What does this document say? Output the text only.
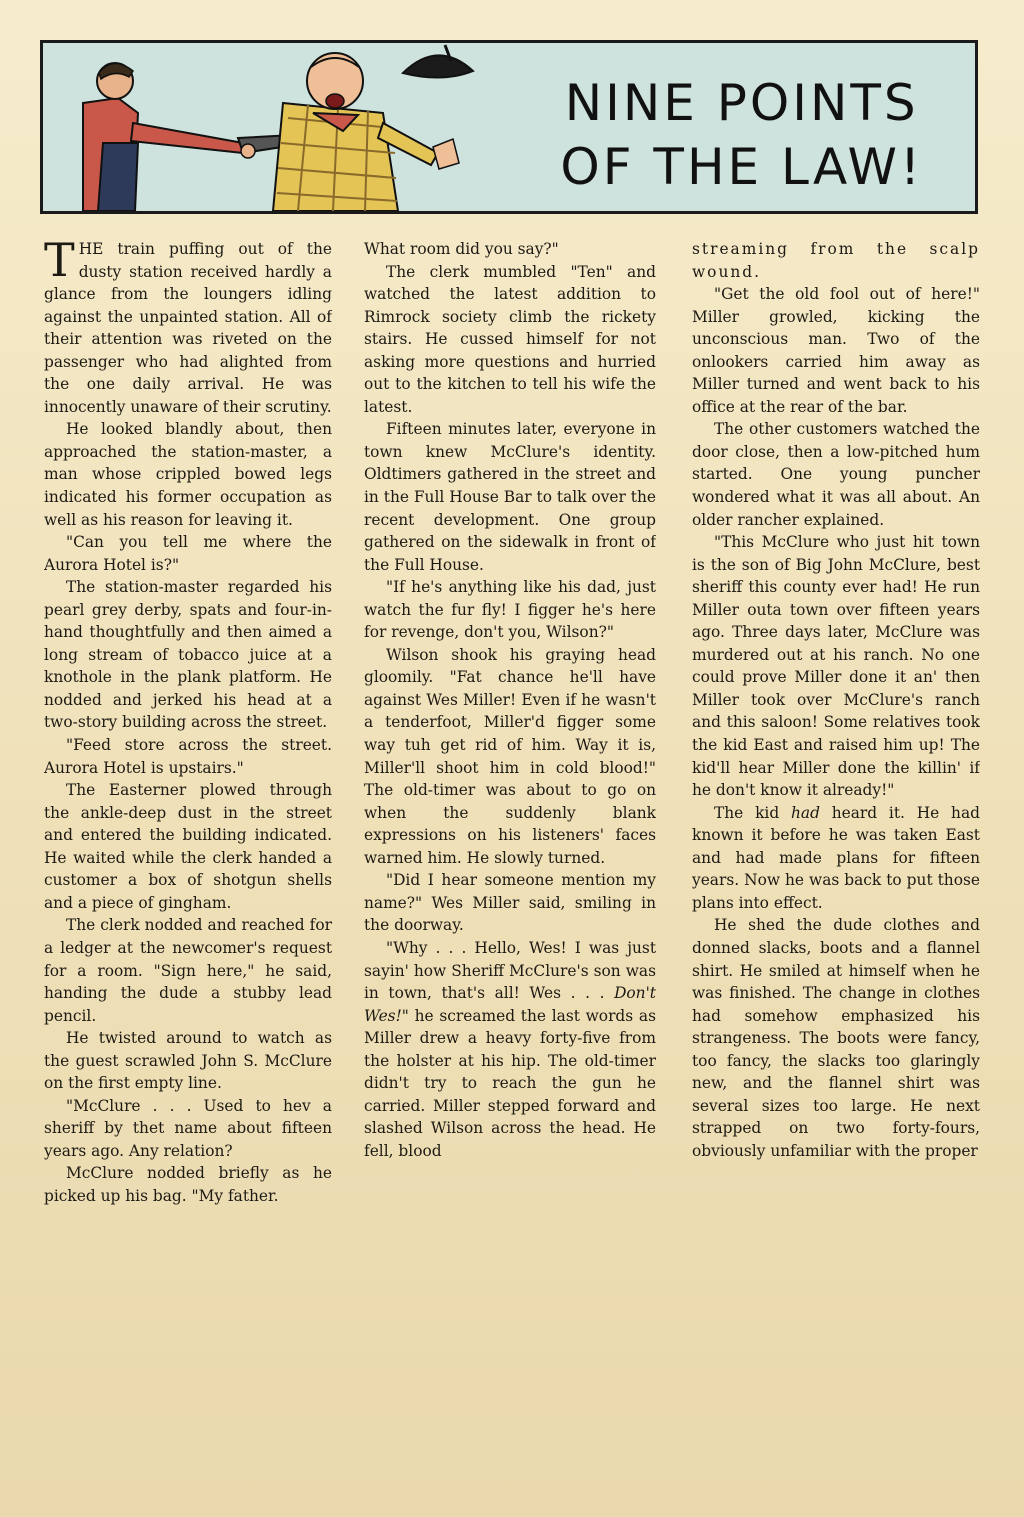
NINE POINTS
OF THE LAW!

THE train puffing out of the dusty station received hardly a glance from the loungers idling against the unpainted station. All of their attention was riveted on the passenger who had alighted from the one daily arrival. He was innocently unaware of their scrutiny.

He looked blandly about, then approached the station-master, a man whose crippled bowed legs indicated his former occupation as well as his reason for leaving it.

"Can you tell me where the Aurora Hotel is?"

The station-master regarded his pearl grey derby, spats and four-in-hand thoughtfully and then aimed a long stream of tobacco juice at a knothole in the plank platform. He nodded and jerked his head at a two-story building across the street.

"Feed store across the street. Aurora Hotel is upstairs."

The Easterner plowed through the ankle-deep dust in the street and entered the building indicated. He waited while the clerk handed a customer a box of shotgun shells and a piece of gingham.

The clerk nodded and reached for a ledger at the newcomer's request for a room. "Sign here," he said, handing the dude a stubby lead pencil.

He twisted around to watch as the guest scrawled John S. McClure on the first empty line.

"McClure . . . Used to hev a sheriff by thet name about fifteen years ago. Any relation?

McClure nodded briefly as he picked up his bag. "My father.

What room did you say?"

The clerk mumbled "Ten" and watched the latest addition to Rimrock society climb the rickety stairs. He cussed himself for not asking more questions and hurried out to the kitchen to tell his wife the latest.

Fifteen minutes later, everyone in town knew McClure's identity. Oldtimers gathered in the street and in the Full House Bar to talk over the recent development. One group gathered on the sidewalk in front of the Full House.

"If he's anything like his dad, just watch the fur fly! I figger he's here for revenge, don't you, Wilson?"

Wilson shook his graying head gloomily. "Fat chance he'll have against Wes Miller! Even if he wasn't a tenderfoot, Miller'd figger some way tuh get rid of him. Way it is, Miller'll shoot him in cold blood!" The old-timer was about to go on when the suddenly blank expressions on his listeners' faces warned him. He slowly turned.

"Did I hear someone mention my name?" Wes Miller said, smiling in the doorway.

"Why . . . Hello, Wes! I was just sayin' how Sheriff McClure's son was in town, that's all! Wes . . . Don't Wes!" he screamed the last words as Miller drew a heavy forty-five from the holster at his hip. The old-timer didn't try to reach the gun he carried. Miller stepped forward and slashed Wilson across the head. He fell, blood

streaming from the scalp wound.

"Get the old fool out of here!" Miller growled, kicking the unconscious man. Two of the onlookers carried him away as Miller turned and went back to his office at the rear of the bar.

The other customers watched the door close, then a low-pitched hum started. One young puncher wondered what it was all about. An older rancher explained.

"This McClure who just hit town is the son of Big John McClure, best sheriff this county ever had! He run Miller outa town over fifteen years ago. Three days later, McClure was murdered out at his ranch. No one could prove Miller done it an' then Miller took over McClure's ranch and this saloon! Some relatives took the kid East and raised him up! The kid'll hear Miller done the killin' if he don't know it already!"

The kid had heard it. He had known it before he was taken East and had made plans for fifteen years. Now he was back to put those plans into effect.

He shed the dude clothes and donned slacks, boots and a flannel shirt. He smiled at himself when he was finished. The change in clothes had somehow emphasized his strangeness. The boots were fancy, too fancy, the slacks too glaringly new, and the flannel shirt was several sizes too large. He next strapped on two forty-fours, obviously unfamiliar with the proper
